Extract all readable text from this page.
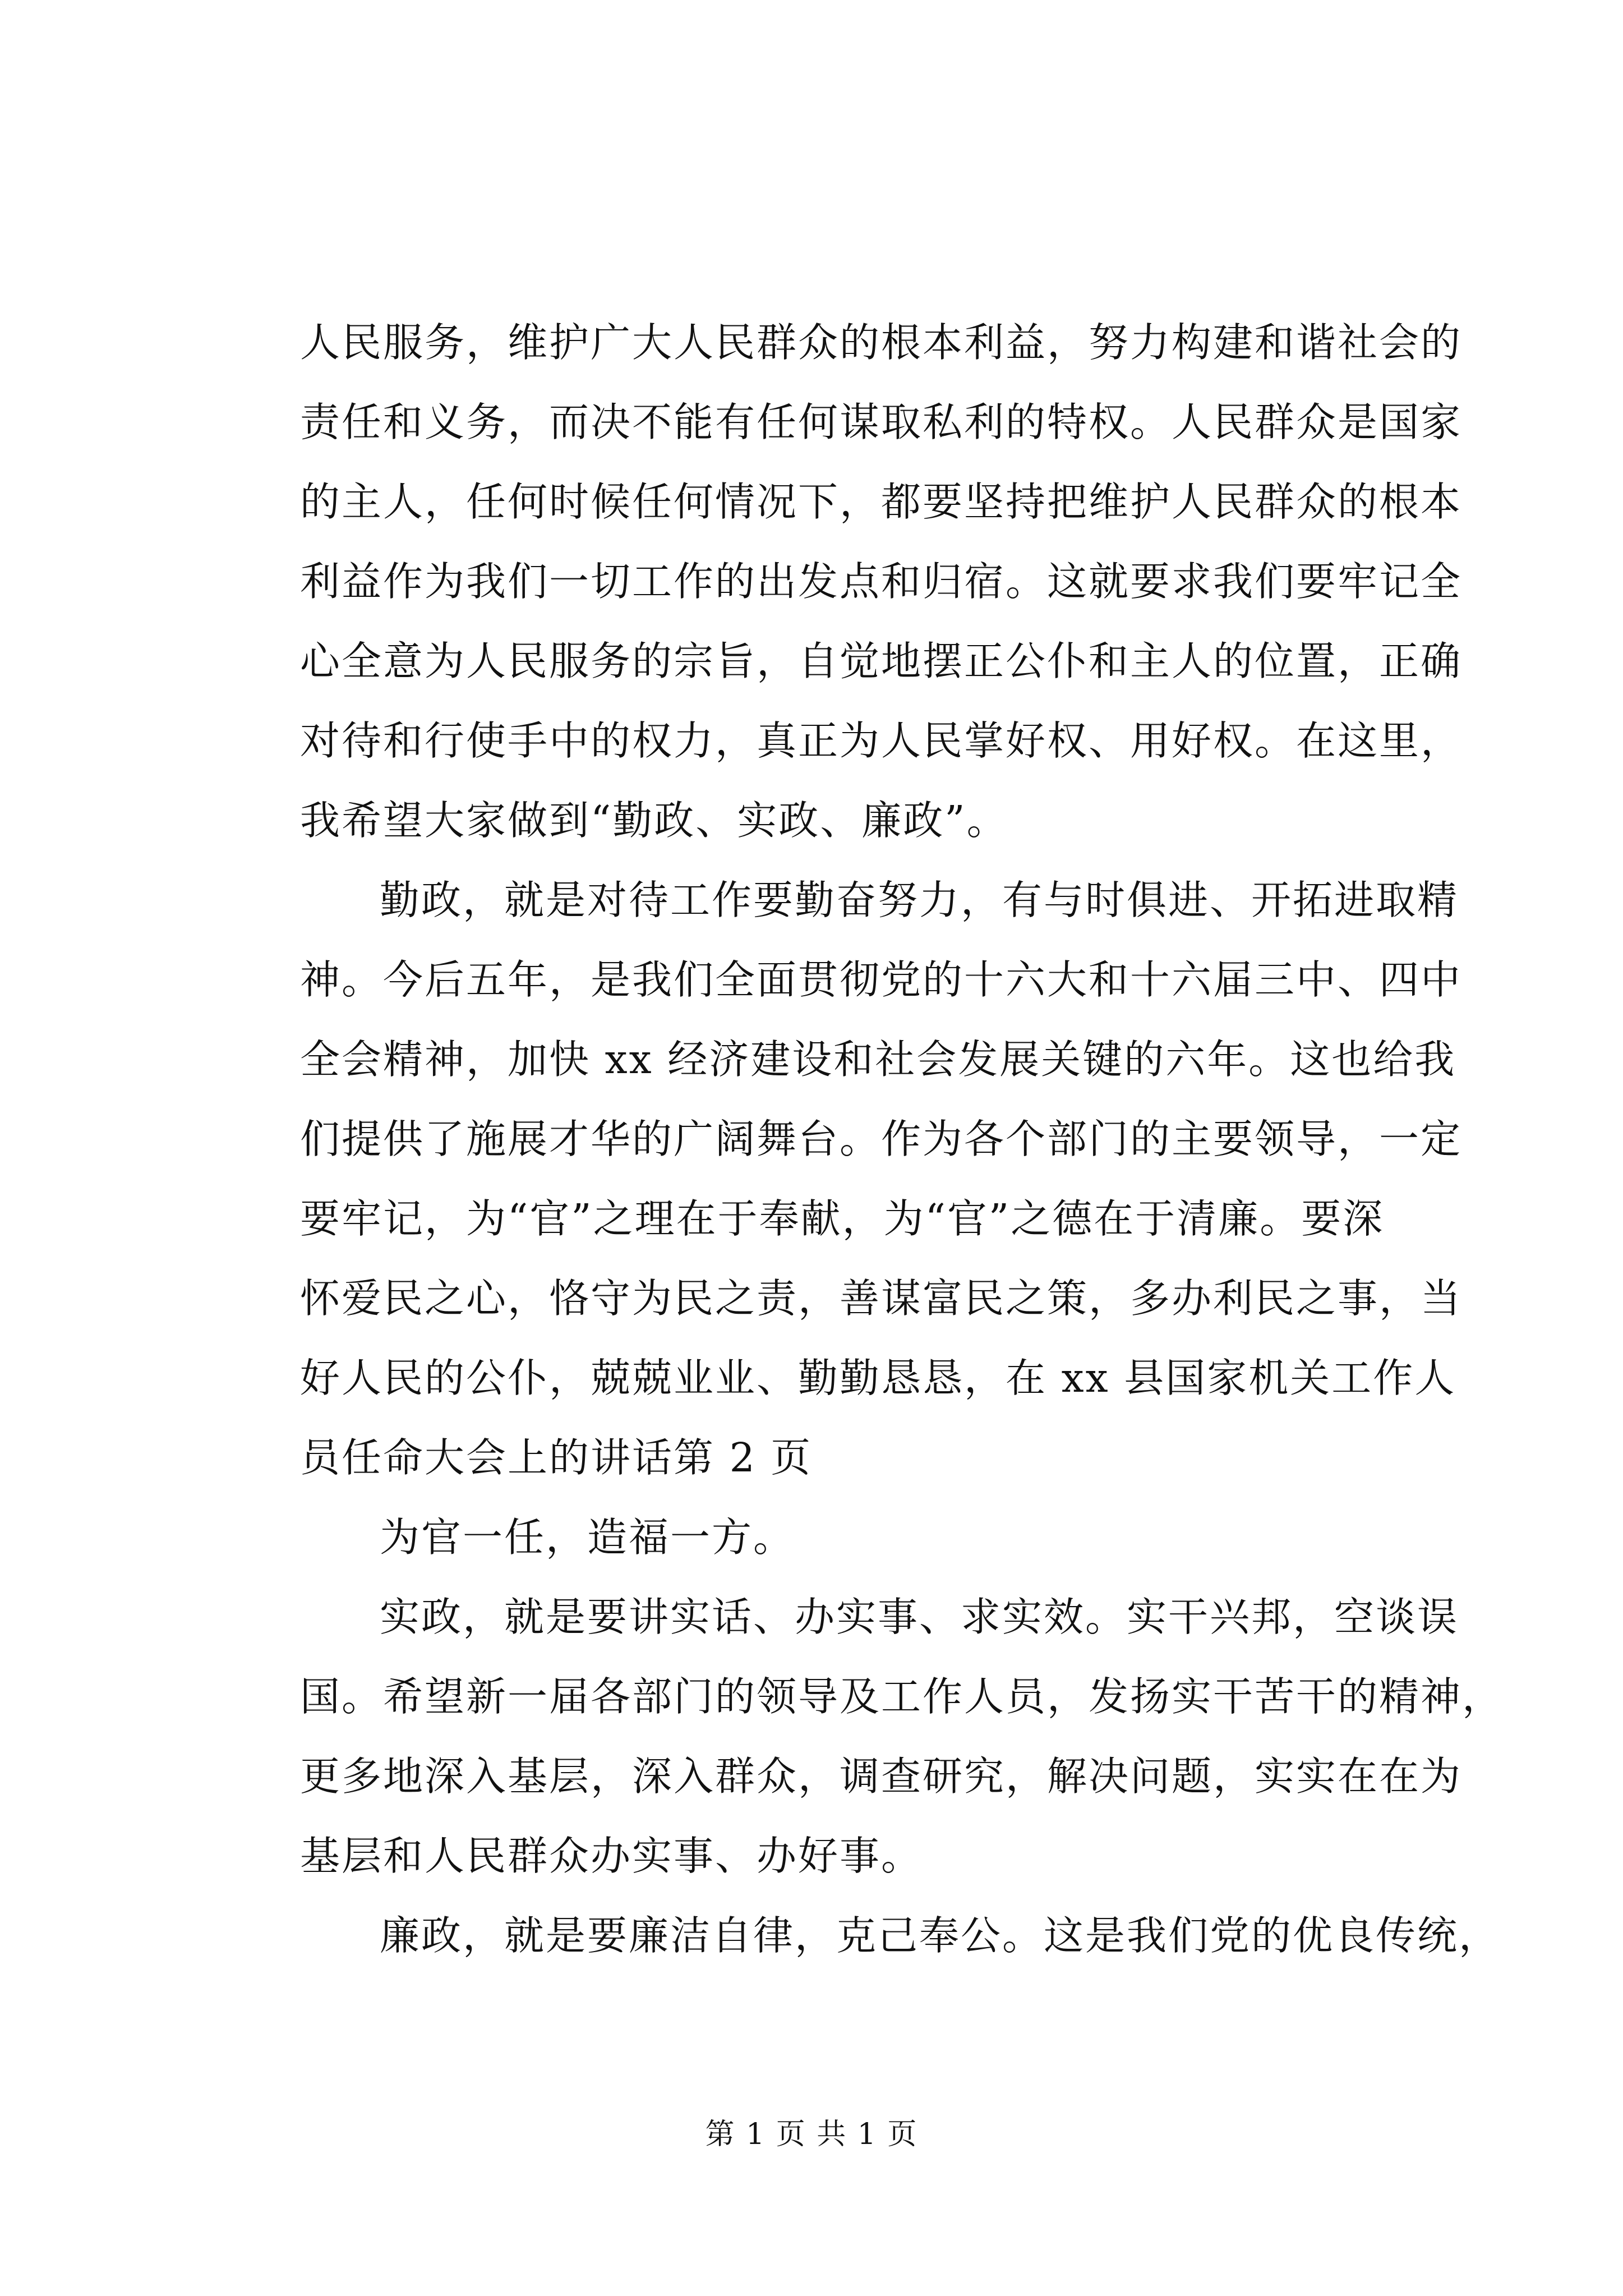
人民服务，维护广大人民群众的根本利益，努力构建和谐社会的
责任和义务，而决不能有任何谋取私利的特权。人民群众是国家
的主人，任何时候任何情况下，都要坚持把维护人民群众的根本
利益作为我们一切工作的出发点和归宿。这就要求我们要牢记全
心全意为人民服务的宗旨，自觉地摆正公仆和主人的位置，正确
对待和行使手中的权力，真正为人民掌好权、用好权。在这里，
我希望大家做到“勤政、实政、廉政”。
勤政，就是对待工作要勤奋努力，有与时俱进、开拓进取精
神。今后五年，是我们全面贯彻党的十六大和十六届三中、四中
全会精神，加快 xx 经济建设和社会发展关键的六年。这也给我
们提供了施展才华的广阔舞台。作为各个部门的主要领导，一定
要牢记，为“官”之理在于奉献，为“官”之德在于清廉。要深
怀爱民之心，恪守为民之责，善谋富民之策，多办利民之事，当
好人民的公仆，兢兢业业、勤勤恳恳，在 xx 县国家机关工作人
员任命大会上的讲话第 2 页
为官一任，造福一方。
实政，就是要讲实话、办实事、求实效。实干兴邦，空谈误
国。希望新一届各部门的领导及工作人员，发扬实干苦干的精神，
更多地深入基层，深入群众，调查研究，解决问题，实实在在为
基层和人民群众办实事、办好事。
廉政，就是要廉洁自律，克己奉公。这是我们党的优良传统，
第 1 页 共 1 页
